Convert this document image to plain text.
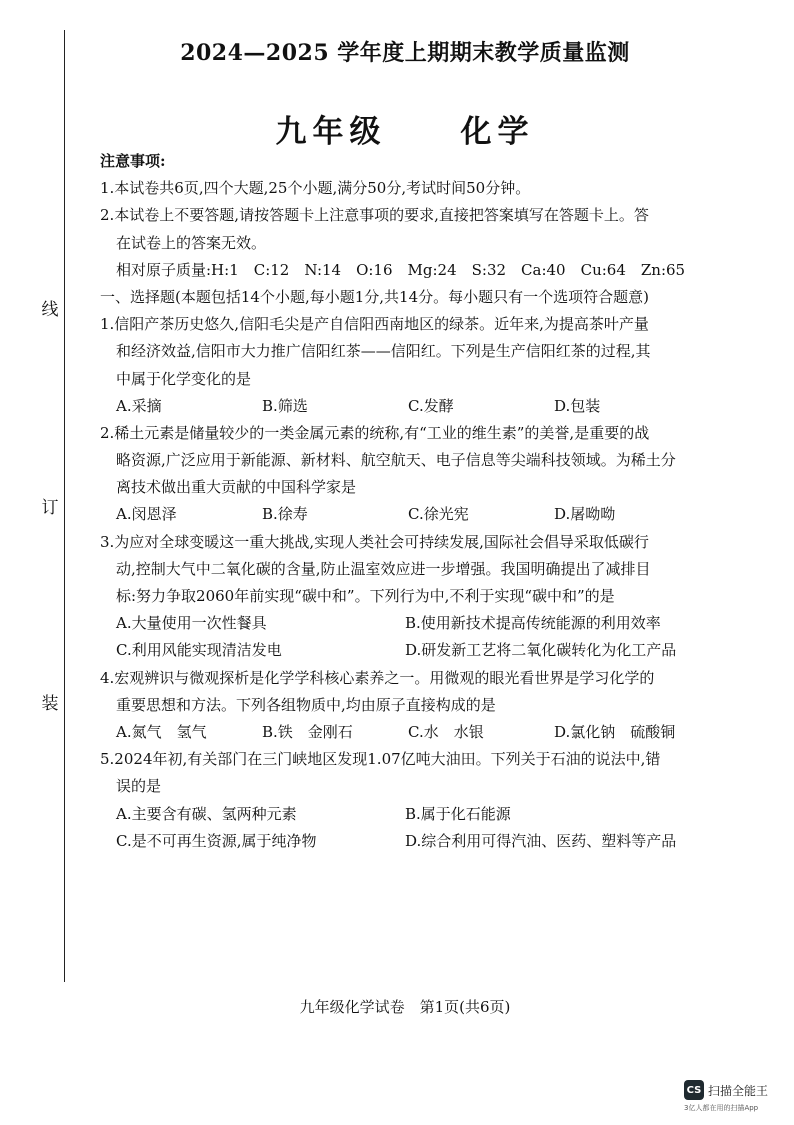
线
订
装
2024—2025 学年度上期期末教学质量监测
九年级　　化学
注意事项:
1.本试卷共6页,四个大题,25个小题,满分50分,考试时间50分钟。
2.本试卷上不要答题,请按答题卡上注意事项的要求,直接把答案填写在答题卡上。答
在试卷上的答案无效。
相对原子质量:H:1　C:12　N:14　O:16　Mg:24　S:32　Ca:40　Cu:64　Zn:65
一、选择题(本题包括14个小题,每小题1分,共14分。每小题只有一个选项符合题意)
1.信阳产茶历史悠久,信阳毛尖是产自信阳西南地区的绿茶。近年来,为提高茶叶产量
和经济效益,信阳市大力推广信阳红茶——信阳红。下列是生产信阳红茶的过程,其
中属于化学变化的是
A.采摘	B.筛选	C.发酵	D.包装
2.稀土元素是储量较少的一类金属元素的统称,有“工业的维生素”的美誉,是重要的战
略资源,广泛应用于新能源、新材料、航空航天、电子信息等尖端科技领域。为稀土分
离技术做出重大贡献的中国科学家是
A.闵恩泽	B.徐寿	C.徐光宪	D.屠呦呦
3.为应对全球变暖这一重大挑战,实现人类社会可持续发展,国际社会倡导采取低碳行
动,控制大气中二氧化碳的含量,防止温室效应进一步增强。我国明确提出了减排目
标:努力争取2060年前实现“碳中和”。下列行为中,不利于实现“碳中和”的是
A.大量使用一次性餐具	B.使用新技术提高传统能源的利用效率
C.利用风能实现清洁发电	D.研发新工艺将二氧化碳转化为化工产品
4.宏观辨识与微观探析是化学学科核心素养之一。用微观的眼光看世界是学习化学的
重要思想和方法。下列各组物质中,均由原子直接构成的是
A.氮气　氢气	B.铁　金刚石	C.水　水银	D.氯化钠　硫酸铜
5.2024年初,有关部门在三门峡地区发现1.07亿吨大油田。下列关于石油的说法中,错
误的是
A.主要含有碳、氢两种元素	B.属于化石能源
C.是不可再生资源,属于纯净物	D.综合利用可得汽油、医药、塑料等产品
九年级化学试卷　第1页(共6页)
CS 扫描全能王
3亿人都在用的扫描App
